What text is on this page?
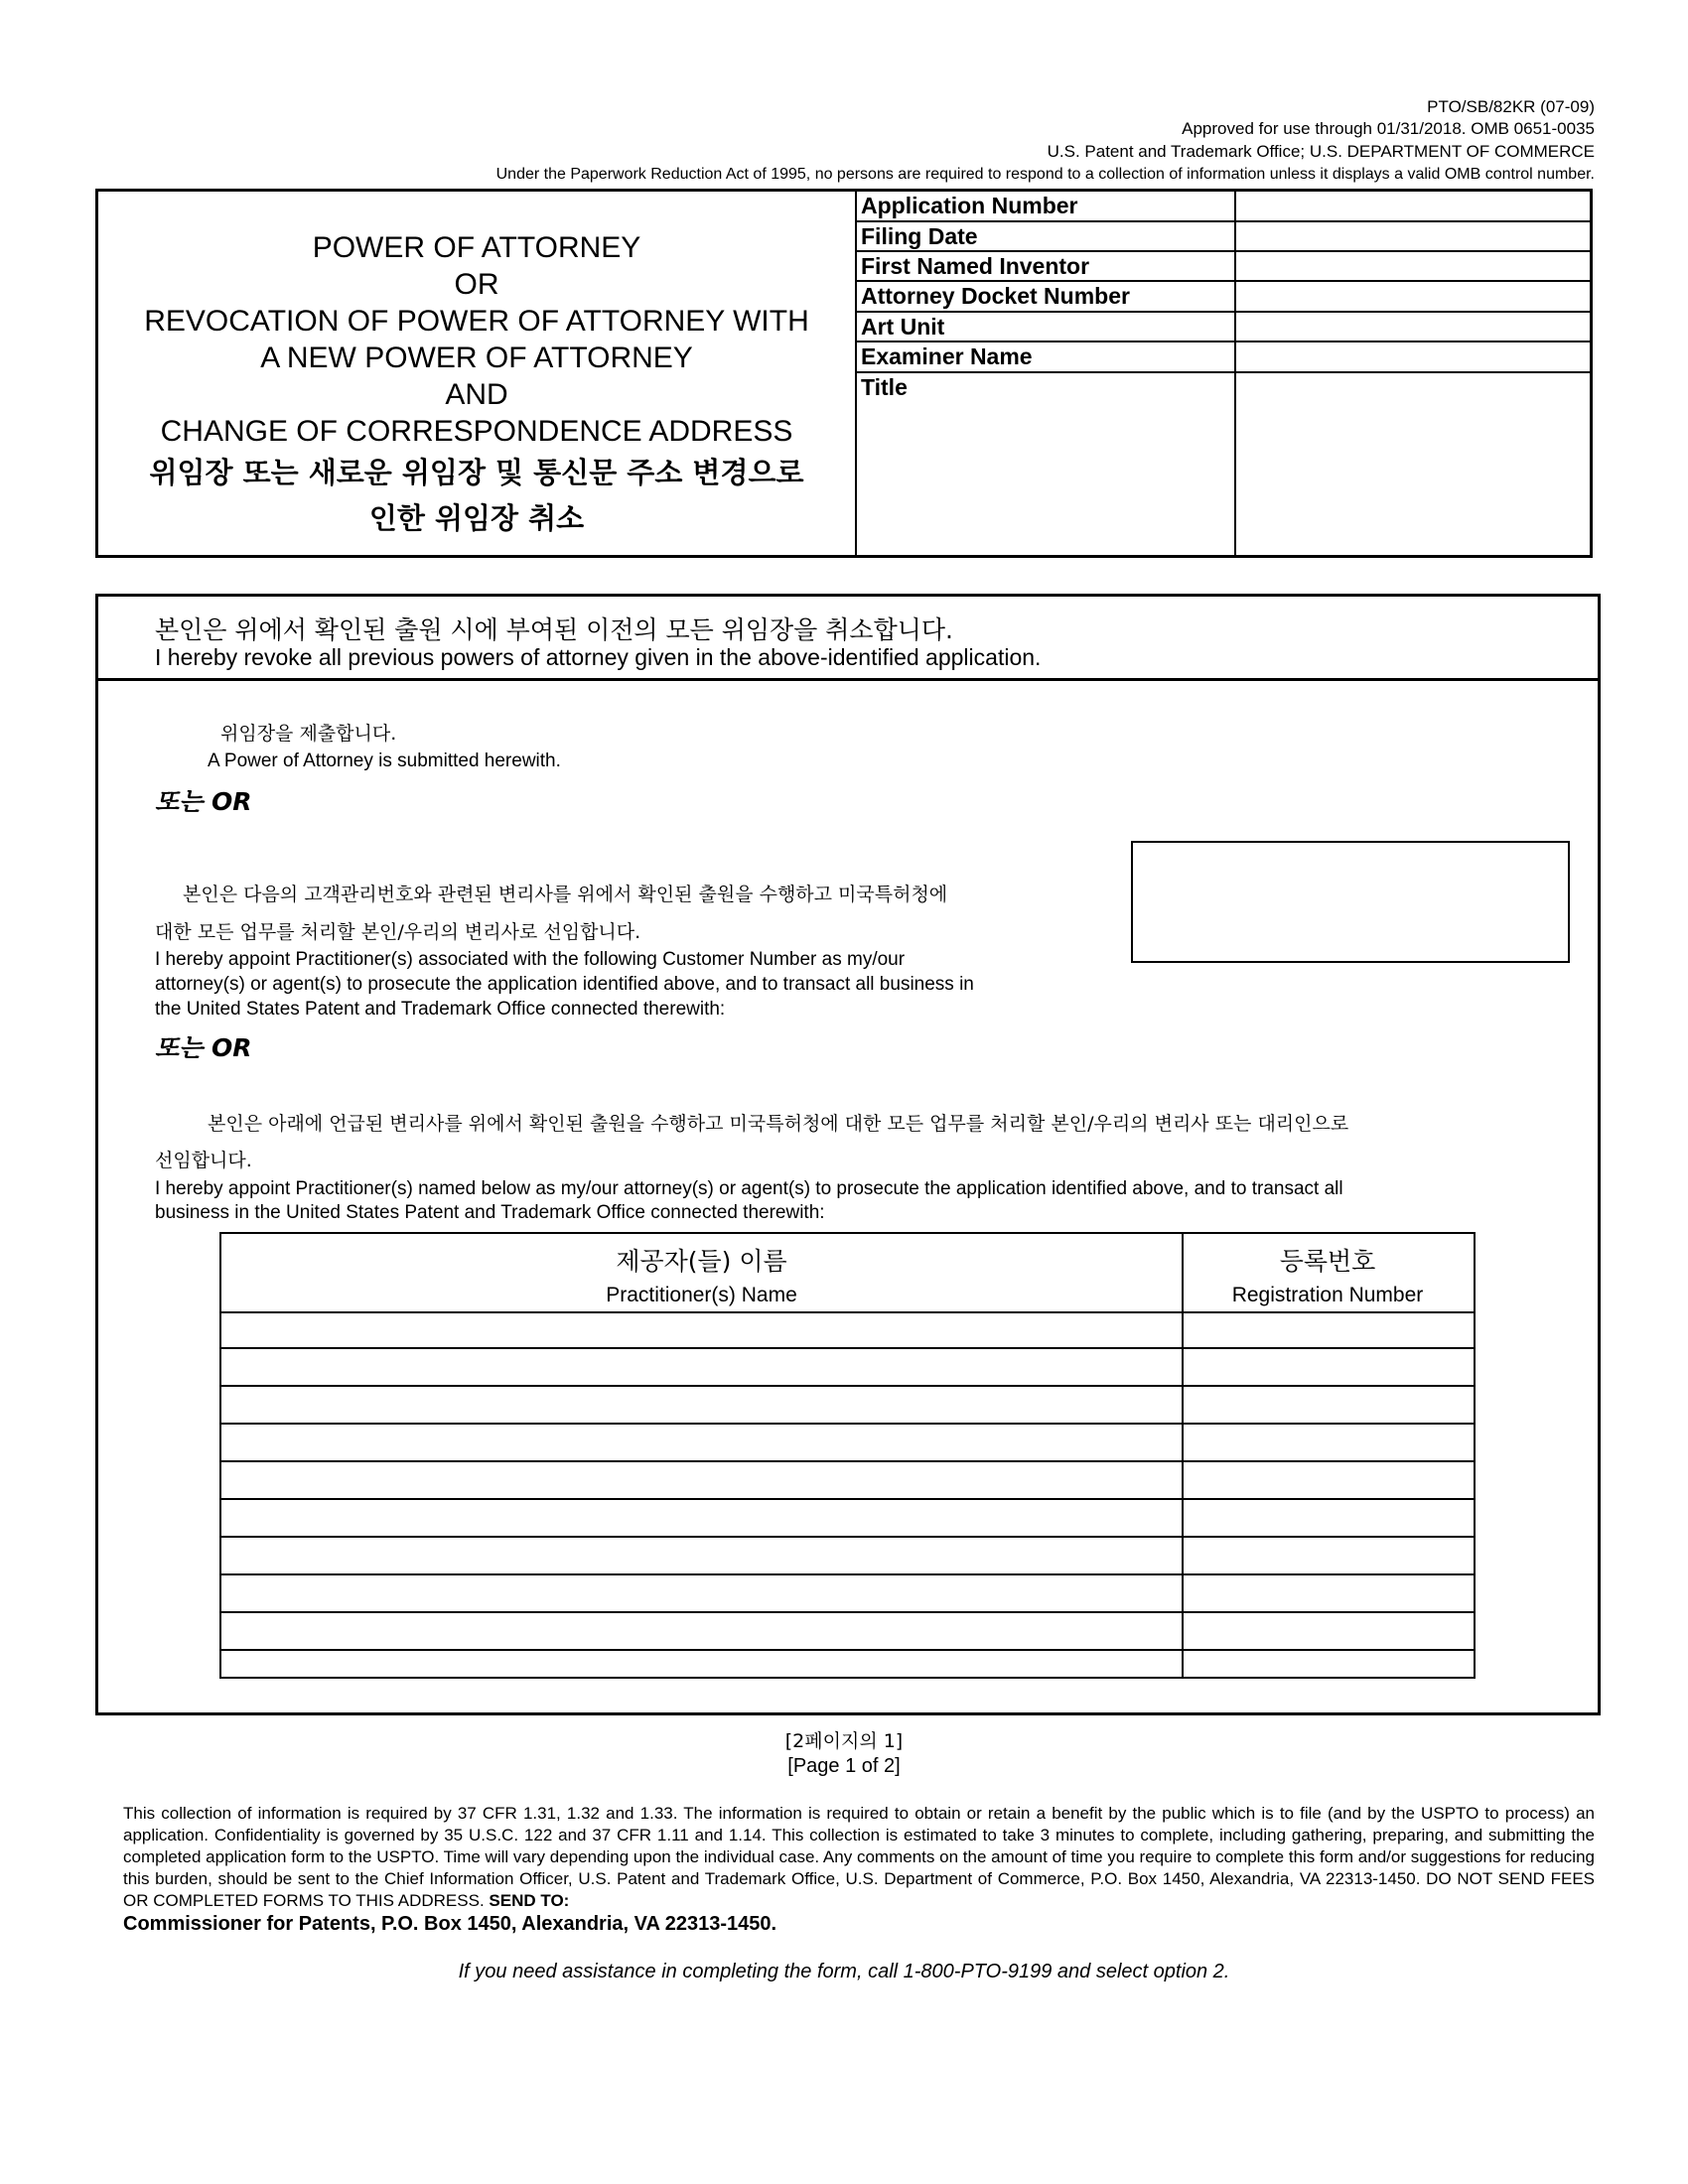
PTO/SB/82KR (07-09)
Approved for use through 01/31/2018. OMB 0651-0035
U.S. Patent and Trademark Office; U.S. DEPARTMENT OF COMMERCE
Under the Paperwork Reduction Act of 1995, no persons are required to respond to a collection of information unless it displays a valid OMB control number.
POWER OF ATTORNEY
OR
REVOCATION OF POWER OF ATTORNEY WITH
A NEW POWER OF ATTORNEY
AND
CHANGE OF CORRESPONDENCE ADDRESS
위임장 또는 새로운 위임장 및 통신문 주소 변경으로
인한 위임장 취소
Application Number
Filing Date
First Named Inventor
Attorney Docket Number
Art Unit
Examiner Name
Title
본인은 위에서 확인된 출원 시에 부여된 이전의 모든 위임장을 취소합니다.
I hereby revoke all previous powers of attorney given in the above-identified application.
위임장을 제출합니다.
A Power of Attorney is submitted herewith.
또는 OR
본인은 다음의 고객관리번호와 관련된 변리사를 위에서 확인된 출원을 수행하고 미국특허청에
대한 모든 업무를 처리할 본인/우리의 변리사로 선임합니다.
I hereby appoint Practitioner(s) associated with the following Customer Number as my/our
attorney(s) or agent(s) to prosecute the application identified above, and to transact all business in
the United States Patent and Trademark Office connected therewith:
또는 OR
본인은 아래에 언급된 변리사를 위에서 확인된 출원을 수행하고 미국특허청에 대한 모든 업무를 처리할 본인/우리의 변리사 또는 대리인으로
선임합니다.
I hereby appoint Practitioner(s) named below as my/our attorney(s) or agent(s) to prosecute the application identified above, and to transact all
business in the United States Patent and Trademark Office connected therewith:
제공자(들) 이름
Practitioner(s) Name
등록번호
Registration Number
[2페이지의 1]
[Page 1 of 2]
This collection of information is required by 37 CFR 1.31, 1.32 and 1.33. The information is required to obtain or retain a benefit by the public which is to file (and by the USPTO to process) an application. Confidentiality is governed by 35 U.S.C. 122 and 37 CFR 1.11 and 1.14. This collection is estimated to take 3 minutes to complete, including gathering, preparing, and submitting the completed application form to the USPTO. Time will vary depending upon the individual case. Any comments on the amount of time you require to complete this form and/or suggestions for reducing this burden, should be sent to the Chief Information Officer, U.S. Patent and Trademark Office, U.S. Department of Commerce, P.O. Box 1450, Alexandria, VA 22313-1450. DO NOT SEND FEES OR COMPLETED FORMS TO THIS ADDRESS. SEND TO:
Commissioner for Patents, P.O. Box 1450, Alexandria, VA 22313-1450.
If you need assistance in completing the form, call 1-800-PTO-9199 and select option 2.
